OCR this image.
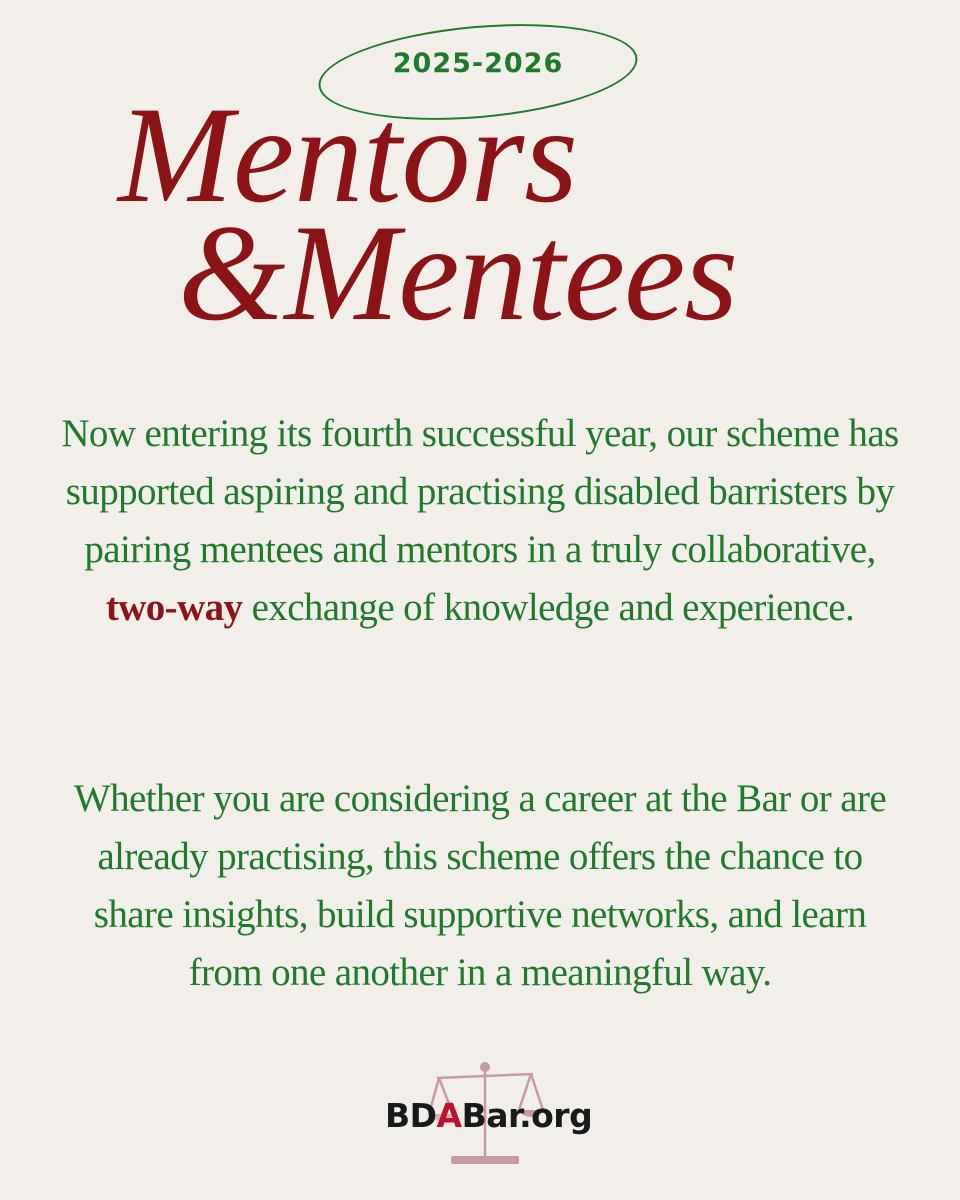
2025-2026
Mentors
&Mentees

Now entering its fourth successful year, our scheme has supported aspiring and practising disabled barristers by pairing mentees and mentors in a truly collaborative, two-way exchange of knowledge and experience.

Whether you are considering a career at the Bar or are already practising, this scheme offers the chance to share insights, build supportive networks, and learn from one another in a meaningful way.

BDABar.org
